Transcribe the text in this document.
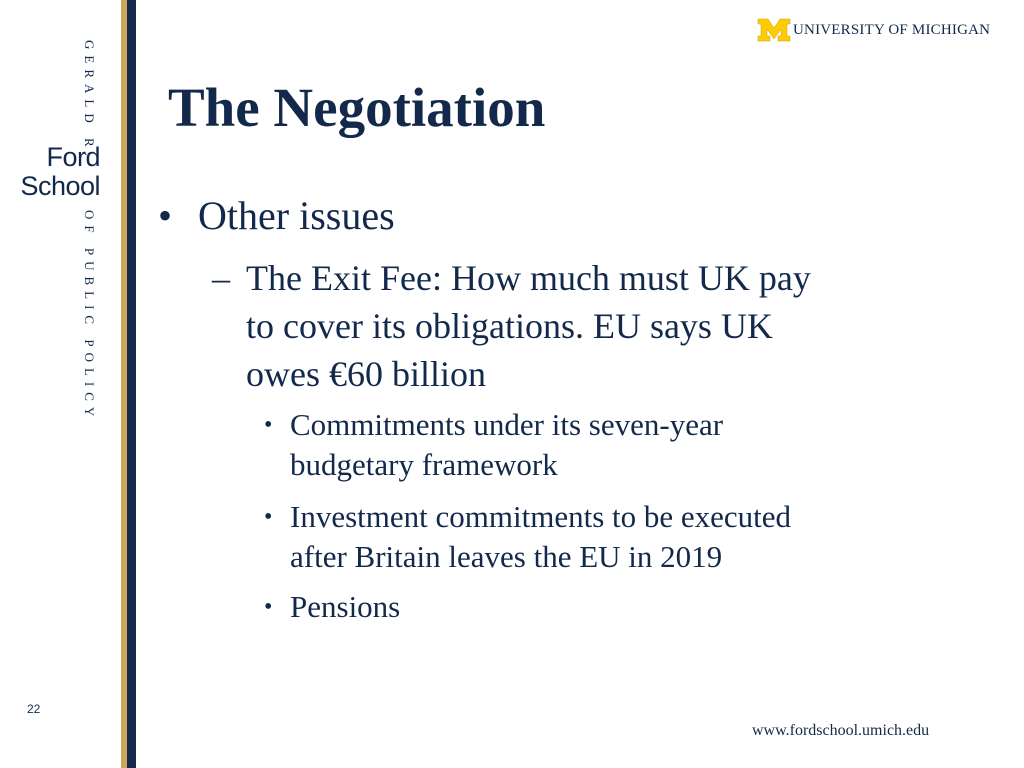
GERALD R.
Ford
School
OF PUBLIC POLICY
UNIVERSITY OF MICHIGAN
The Negotiation
• Other issues
– The Exit Fee: How much must UK pay
to cover its obligations. EU says UK
owes €60 billion
• Commitments under its seven-year
budgetary framework
• Investment commitments to be executed
after Britain leaves the EU in 2019
• Pensions
22
www.fordschool.umich.edu
